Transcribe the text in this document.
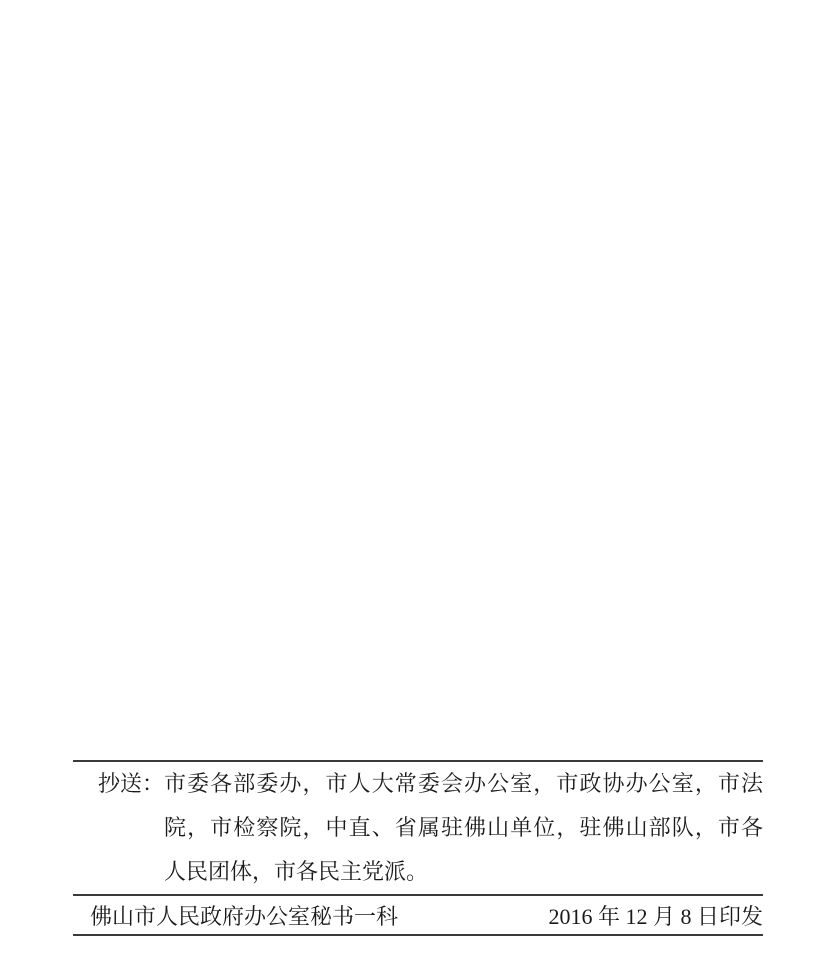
抄送： 市委各部委办，市人大常委会办公室，市政协办公室，市法
院，市检察院，中直、省属驻佛山单位，驻佛山部队，市各
人民团体，市各民主党派。
佛山市人民政府办公室秘书一科	2016 年 12 月 8 日印发
